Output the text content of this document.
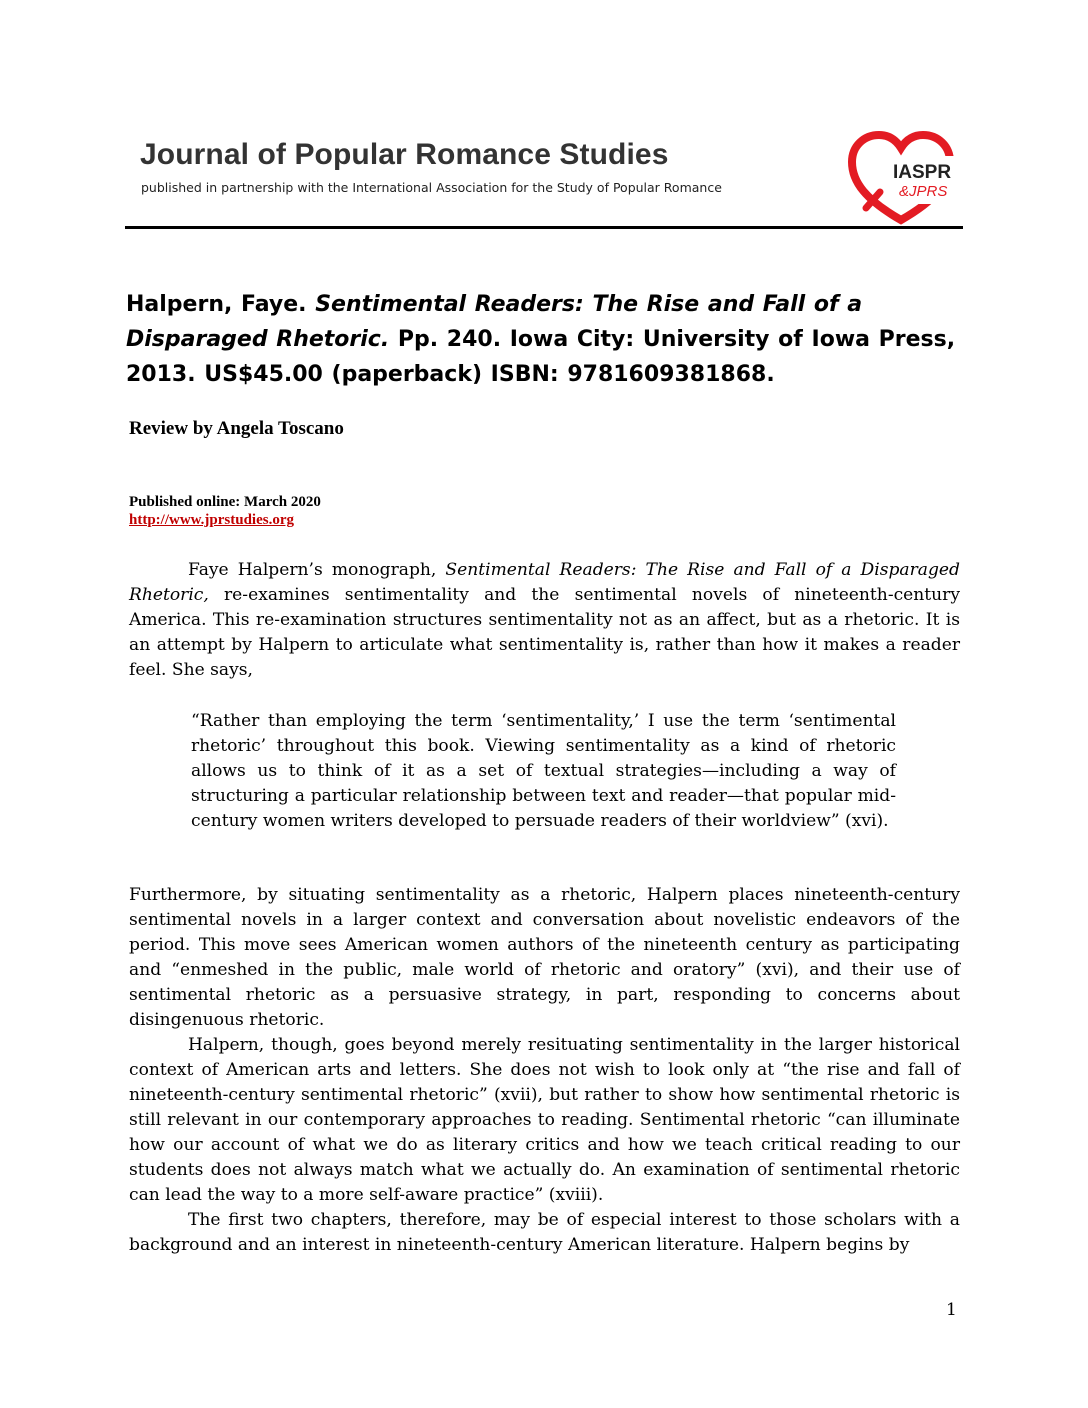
Journal of Popular Romance Studies
published in partnership with the International Association for the Study of Popular Romance
IASPR
&JPRS
Halpern, Faye. Sentimental Readers: The Rise and Fall of a Disparaged Rhetoric. Pp. 240. Iowa City: University of Iowa Press, 2013. US$45.00 (paperback) ISBN: 9781609381868.
Review by Angela Toscano
Published online: March 2020
http://www.jprstudies.org

Faye Halpern’s monograph, Sentimental Readers: The Rise and Fall of a Disparaged Rhetoric, re-examines sentimentality and the sentimental novels of nineteenth-century America. This re-examination structures sentimentality not as an affect, but as a rhetoric. It is an attempt by Halpern to articulate what sentimentality is, rather than how it makes a reader feel. She says,

“Rather than employing the term ‘sentimentality,’ I use the term ‘sentimental rhetoric’ throughout this book. Viewing sentimentality as a kind of rhetoric allows us to think of it as a set of textual strategies—including a way of structuring a particular relationship between text and reader—that popular mid-century women writers developed to persuade readers of their worldview” (xvi).

Furthermore, by situating sentimentality as a rhetoric, Halpern places nineteenth-century sentimental novels in a larger context and conversation about novelistic endeavors of the period. This move sees American women authors of the nineteenth century as participating and “enmeshed in the public, male world of rhetoric and oratory” (xvi), and their use of sentimental rhetoric as a persuasive strategy, in part, responding to concerns about disingenuous rhetoric.

Halpern, though, goes beyond merely resituating sentimentality in the larger historical context of American arts and letters. She does not wish to look only at “the rise and fall of nineteenth-century sentimental rhetoric” (xvii), but rather to show how sentimental rhetoric is still relevant in our contemporary approaches to reading. Sentimental rhetoric “can illuminate how our account of what we do as literary critics and how we teach critical reading to our students does not always match what we actually do. An examination of sentimental rhetoric can lead the way to a more self-aware practice” (xviii).

The first two chapters, therefore, may be of especial interest to those scholars with a background and an interest in nineteenth-century American literature. Halpern begins by

1
